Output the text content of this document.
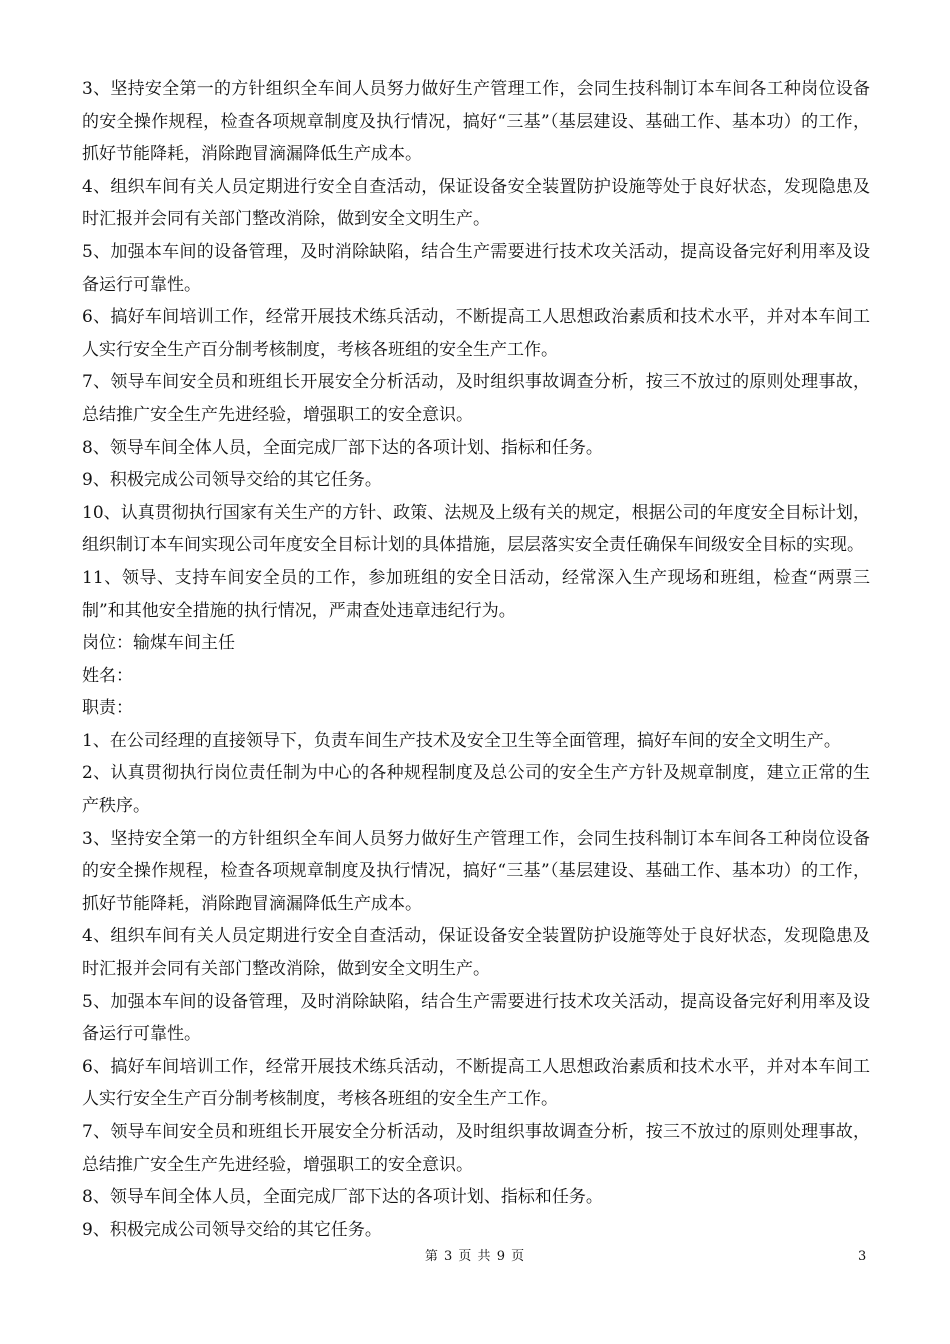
3、坚持安全第一的方针组织全车间人员努力做好生产管理工作，会同生技科制订本车间各工种岗位设备的安全操作规程，检查各项规章制度及执行情况，搞好“三基”（基层建设、基础工作、基本功）的工作，抓好节能降耗，消除跑冒滴漏降低生产成本。

4、组织车间有关人员定期进行安全自查活动，保证设备安全装置防护设施等处于良好状态，发现隐患及时汇报并会同有关部门整改消除，做到安全文明生产。

5、加强本车间的设备管理，及时消除缺陷，结合生产需要进行技术攻关活动，提高设备完好利用率及设备运行可靠性。

6、搞好车间培训工作，经常开展技术练兵活动，不断提高工人思想政治素质和技术水平，并对本车间工人实行安全生产百分制考核制度，考核各班组的安全生产工作。

7、领导车间安全员和班组长开展安全分析活动，及时组织事故调查分析，按三不放过的原则处理事故，总结推广安全生产先进经验，增强职工的安全意识。

8、领导车间全体人员，全面完成厂部下达的各项计划、指标和任务。

9、积极完成公司领导交给的其它任务。

10、认真贯彻执行国家有关生产的方针、政策、法规及上级有关的规定，根据公司的年度安全目标计划，组织制订本车间实现公司年度安全目标计划的具体措施，层层落实安全责任确保车间级安全目标的实现。

11、领导、支持车间安全员的工作，参加班组的安全日活动，经常深入生产现场和班组，检查“两票三制”和其他安全措施的执行情况，严肃查处违章违纪行为。

岗位：输煤车间主任

姓名：

职责：

1、在公司经理的直接领导下，负责车间生产技术及安全卫生等全面管理，搞好车间的安全文明生产。

2、认真贯彻执行岗位责任制为中心的各种规程制度及总公司的安全生产方针及规章制度，建立正常的生产秩序。

3、坚持安全第一的方针组织全车间人员努力做好生产管理工作，会同生技科制订本车间各工种岗位设备的安全操作规程，检查各项规章制度及执行情况，搞好“三基”（基层建设、基础工作、基本功）的工作，抓好节能降耗，消除跑冒滴漏降低生产成本。

4、组织车间有关人员定期进行安全自查活动，保证设备安全装置防护设施等处于良好状态，发现隐患及时汇报并会同有关部门整改消除，做到安全文明生产。

5、加强本车间的设备管理，及时消除缺陷，结合生产需要进行技术攻关活动，提高设备完好利用率及设备运行可靠性。

6、搞好车间培训工作，经常开展技术练兵活动，不断提高工人思想政治素质和技术水平，并对本车间工人实行安全生产百分制考核制度，考核各班组的安全生产工作。

7、领导车间安全员和班组长开展安全分析活动，及时组织事故调查分析，按三不放过的原则处理事故，总结推广安全生产先进经验，增强职工的安全意识。

8、领导车间全体人员，全面完成厂部下达的各项计划、指标和任务。

9、积极完成公司领导交给的其它任务。

第 3 页 共 9 页	3
